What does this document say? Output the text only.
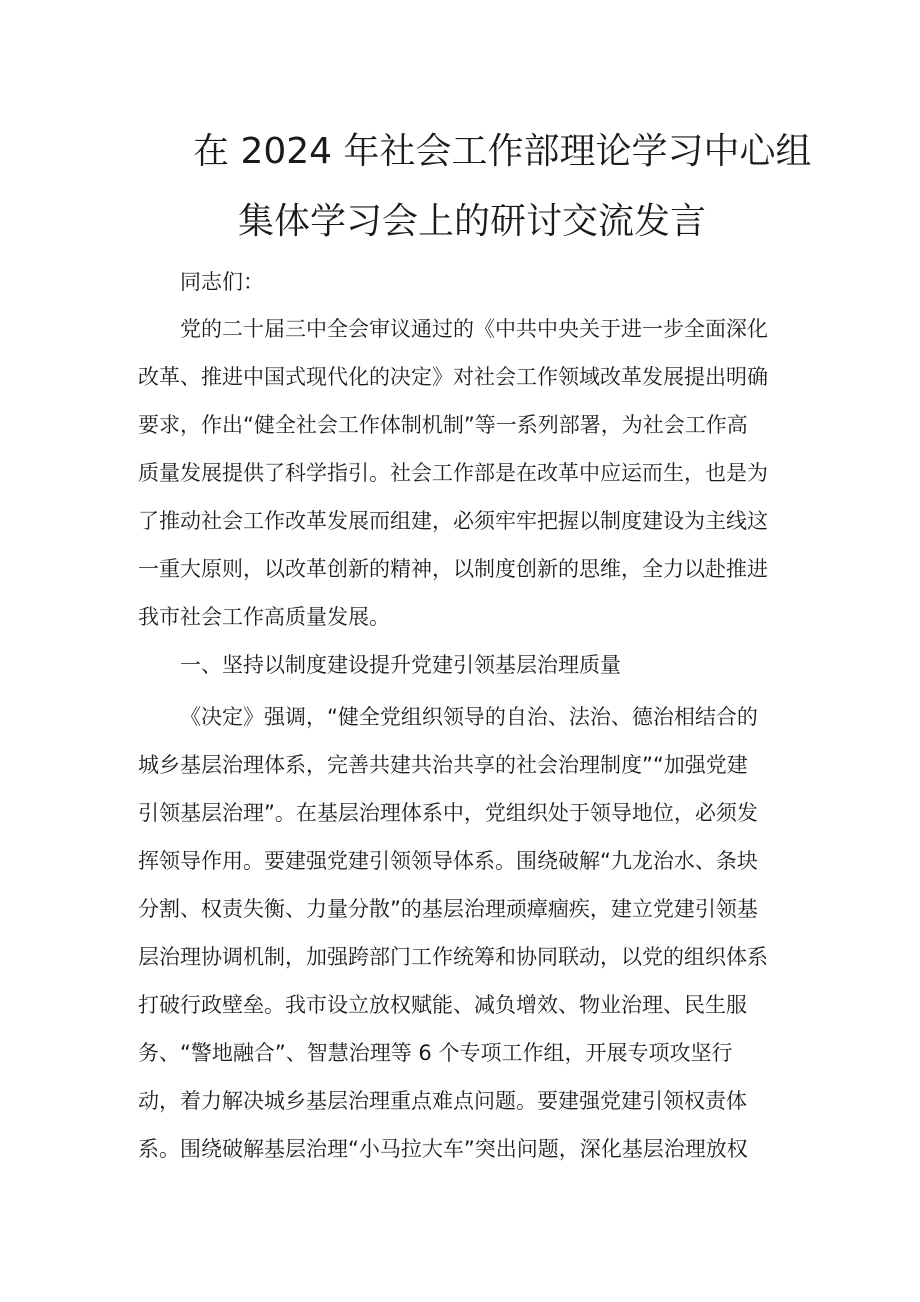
在 2024 年社会工作部理论学习中心组
集体学习会上的研讨交流发言
同志们：
党的二十届三中全会审议通过的《中共中央关于进一步全面深化
改革、推进中国式现代化的决定》对社会工作领域改革发展提出明确
要求，作出“健全社会工作体制机制”等一系列部署，为社会工作高
质量发展提供了科学指引。社会工作部是在改革中应运而生，也是为
了推动社会工作改革发展而组建，必须牢牢把握以制度建设为主线这
一重大原则，以改革创新的精神，以制度创新的思维，全力以赴推进
我市社会工作高质量发展。
一、坚持以制度建设提升党建引领基层治理质量
《决定》强调，“健全党组织领导的自治、法治、德治相结合的
城乡基层治理体系，完善共建共治共享的社会治理制度”“加强党建
引领基层治理”。在基层治理体系中，党组织处于领导地位，必须发
挥领导作用。要建强党建引领领导体系。围绕破解“九龙治水、条块
分割、权责失衡、力量分散”的基层治理顽瘴痼疾，建立党建引领基
层治理协调机制，加强跨部门工作统筹和协同联动，以党的组织体系
打破行政壁垒。我市设立放权赋能、减负增效、物业治理、民生服
务、“警地融合”、智慧治理等 6 个专项工作组，开展专项攻坚行
动，着力解决城乡基层治理重点难点问题。要建强党建引领权责体
系。围绕破解基层治理“小马拉大车”突出问题，深化基层治理放权
